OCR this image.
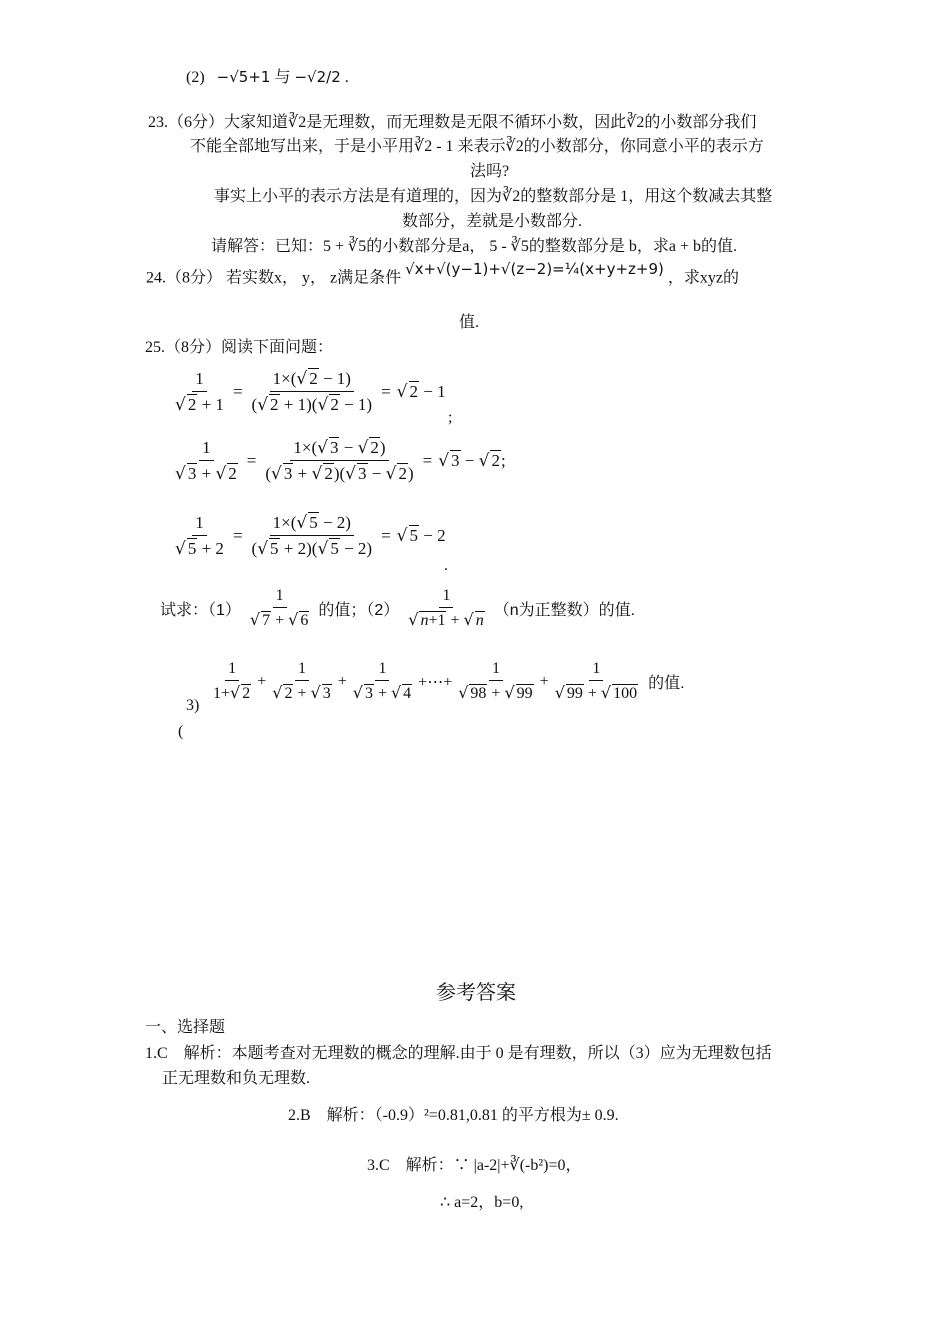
(2) −√5+1 与 −√2/2 .
23.（6分）大家知道∛2是无理数，而无理数是无限不循环小数，因此∛2的小数部分我们
不能全部地写出来，于是小平用∛2 - 1 来表示∛2的小数部分，你同意小平的表示方
法吗?
事实上小平的表示方法是有道理的，因为∛2的整数部分是 1，用这个数减去其整
数部分，差就是小数部分.
请解答：已知：5 + ∛5的小数部分是a， 5 - ∛5的整数部分是 b，求a + b的值.
24.（8分） 若实数x， y， z满足条件 √x+√(y−1)+√(z−2)=¼(x+y+z+9) ，求xyz的
值.
25.（8分）阅读下面问题：
$\frac{1}{√ 2 + 1} = \frac{1\times(√ 2 - 1)}{(√ 2 + 1)(√ 2 - 1)}$ = √ 2 − 1
;
$\frac{1}{√ 3 + √ 2} = \frac{1\times(√ 3 - √ 2)}{(√ 3 + √ 2)(√ 3 - √ 2)}$ = √ 3 − √ 2;
$\frac{1}{√ 5 + 2} = \frac{1\times(√ 5 - 2)}{(√ 5 + 2)(√ 5 - 2)}$ = √ 5 − 2
.
试求：$(1) \frac{1}{√ 7 + √ 6}$ 的值；$(2) \frac{1}{√ n+1 + √ n} (n$为正整数）的值.
3)
(
$\frac{1}{1+√ 2} + \frac{1}{√ 2 + √ 3} + \frac{1}{√ 3 + √ 4}$ +⋯+ $\frac{1}{√ 98 + √ 99} + \frac{1}{√ 99 + √ 100}$ 的值.
参考答案
一、选择题
1.C　解析：本题考查对无理数的概念的理解.由于 0 是有理数，所以（3）应为无理数包括
正无理数和负无理数.
2.B　解析：（-0.9）²=0.81,0.81 的平方根为± 0.9.
3.C　解析：∵ |a-2|+∛(-b²)=0，
∴ a=2，b=0,
